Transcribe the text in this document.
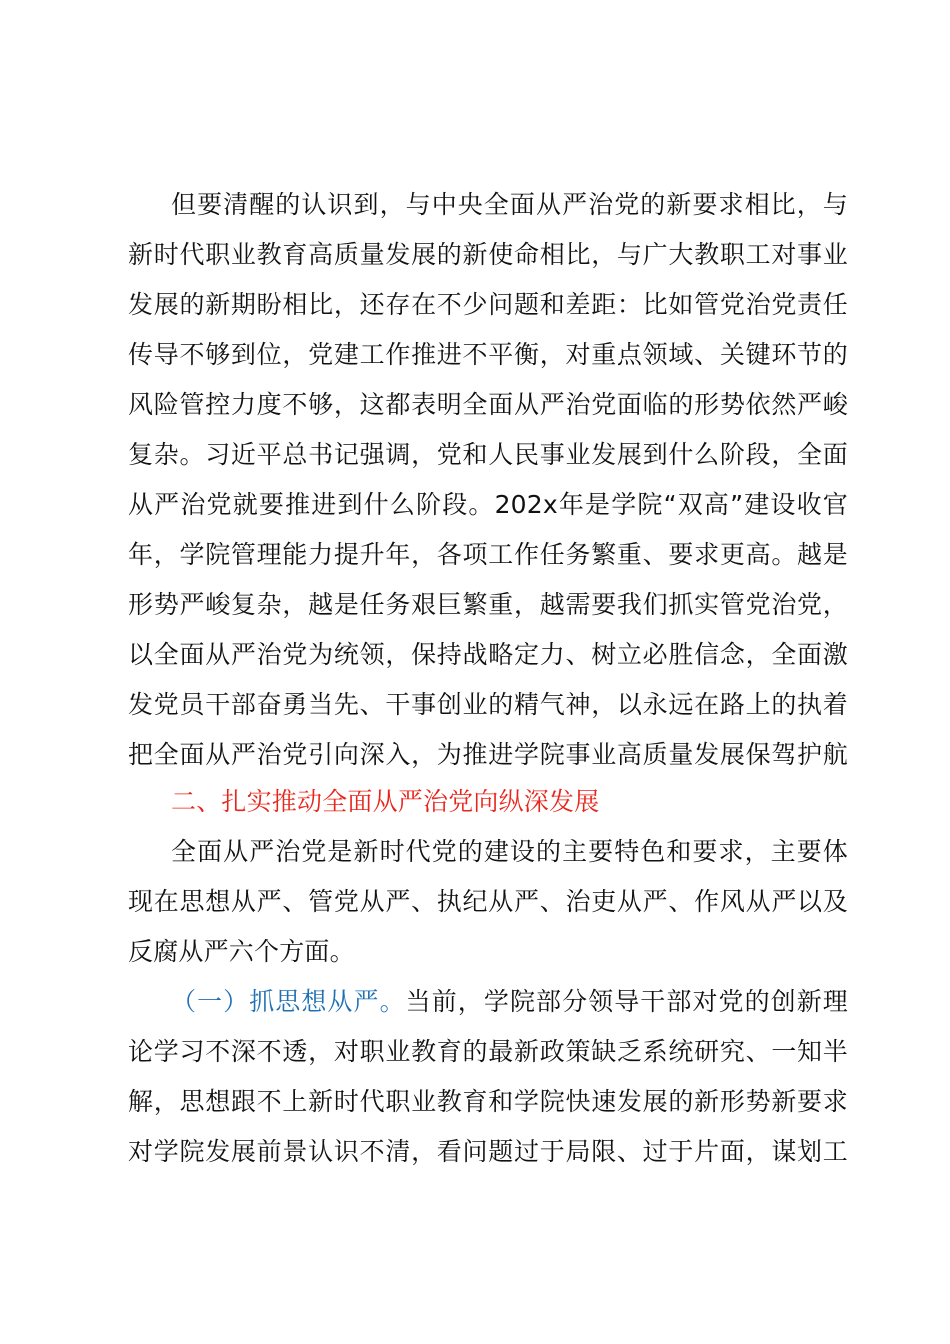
但要清醒的认识到，与中央全面从严治党的新要求相比，与
新时代职业教育高质量发展的新使命相比，与广大教职工对事业
发展的新期盼相比，还存在不少问题和差距：比如管党治党责任
传导不够到位，党建工作推进不平衡，对重点领域、关键环节的
风险管控力度不够，这都表明全面从严治党面临的形势依然严峻
复杂。习近平总书记强调，党和人民事业发展到什么阶段，全面
从严治党就要推进到什么阶段。202x年是学院“双高”建设收官
年，学院管理能力提升年，各项工作任务繁重、要求更高。越是
形势严峻复杂，越是任务艰巨繁重，越需要我们抓实管党治党，
以全面从严治党为统领，保持战略定力、树立必胜信念，全面激
发党员干部奋勇当先、干事创业的精气神，以永远在路上的执着
把全面从严治党引向深入，为推进学院事业高质量发展保驾护航
二、扎实推动全面从严治党向纵深发展
全面从严治党是新时代党的建设的主要特色和要求，主要体
现在思想从严、管党从严、执纪从严、治吏从严、作风从严以及
反腐从严六个方面。
（一）抓思想从严。当前，学院部分领导干部对党的创新理
论学习不深不透，对职业教育的最新政策缺乏系统研究、一知半
解，思想跟不上新时代职业教育和学院快速发展的新形势新要求
对学院发展前景认识不清，看问题过于局限、过于片面，谋划工
